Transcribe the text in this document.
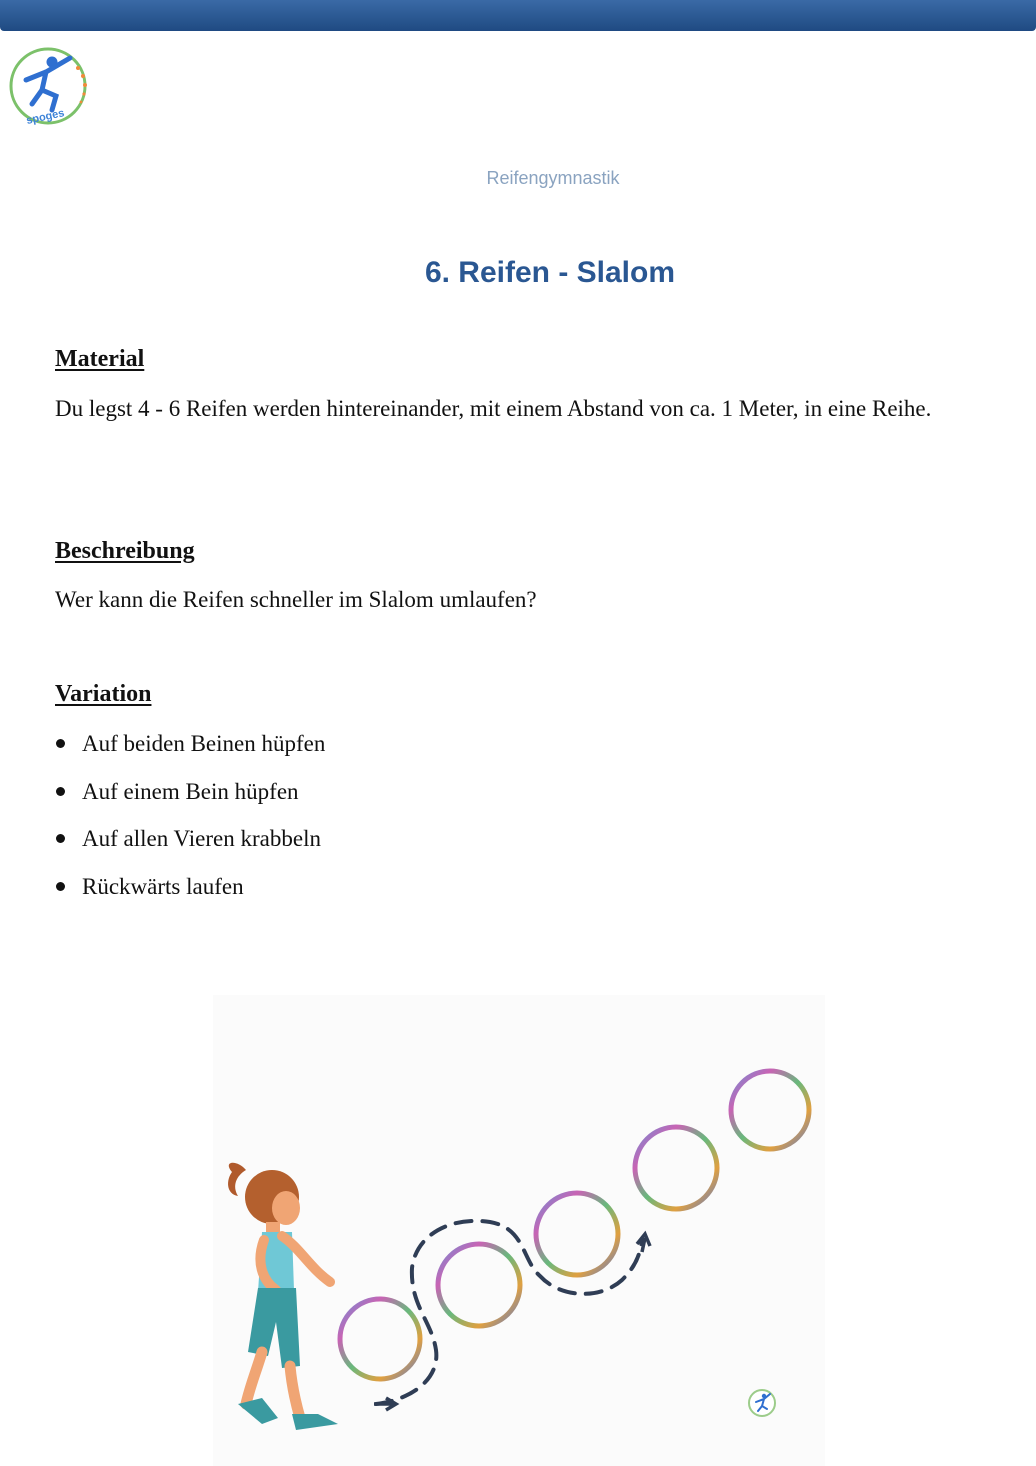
spoges
Reifengymnastik
6. Reifen - Slalom
Material
Du legst 4 - 6 Reifen werden hintereinander, mit einem Abstand von ca. 1 Meter, in eine Reihe.
Beschreibung
Wer kann die Reifen schneller im Slalom umlaufen?
Variation
Auf beiden Beinen hüpfen
Auf einem Bein hüpfen
Auf allen Vieren krabbeln
Rückwärts laufen
